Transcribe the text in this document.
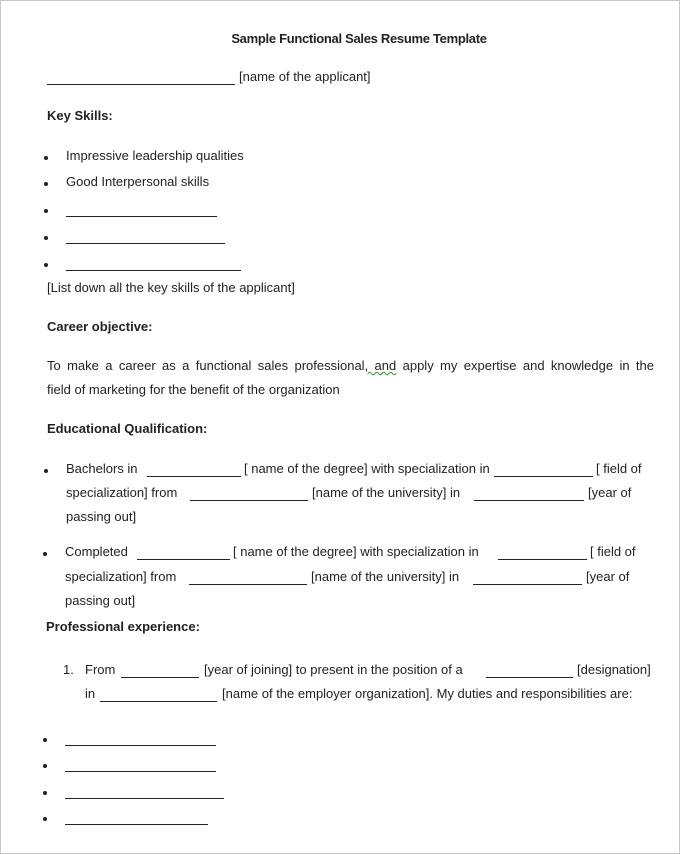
Sample Functional Sales Resume Template
[name of the applicant]
Key Skills:
Impressive leadership qualities
Good Interpersonal skills
[List down all the key skills of the applicant]
Career objective:
To make a career as a functional sales professional, and apply my expertise and knowledge in the
field of marketing for the benefit of the organization
Educational Qualification:
Bachelors in	[ name of the degree] with specialization in	[ field of
specialization] from	[name of the university] in	[year of
passing out]
Completed	[ name of the degree] with specialization in	[ field of
specialization] from	[name of the university] in	[year of
passing out]
Professional experience:
1. From	[year of joining] to present in the position of a	[designation]
in	[name of the employer organization]. My duties and responsibilities are:
